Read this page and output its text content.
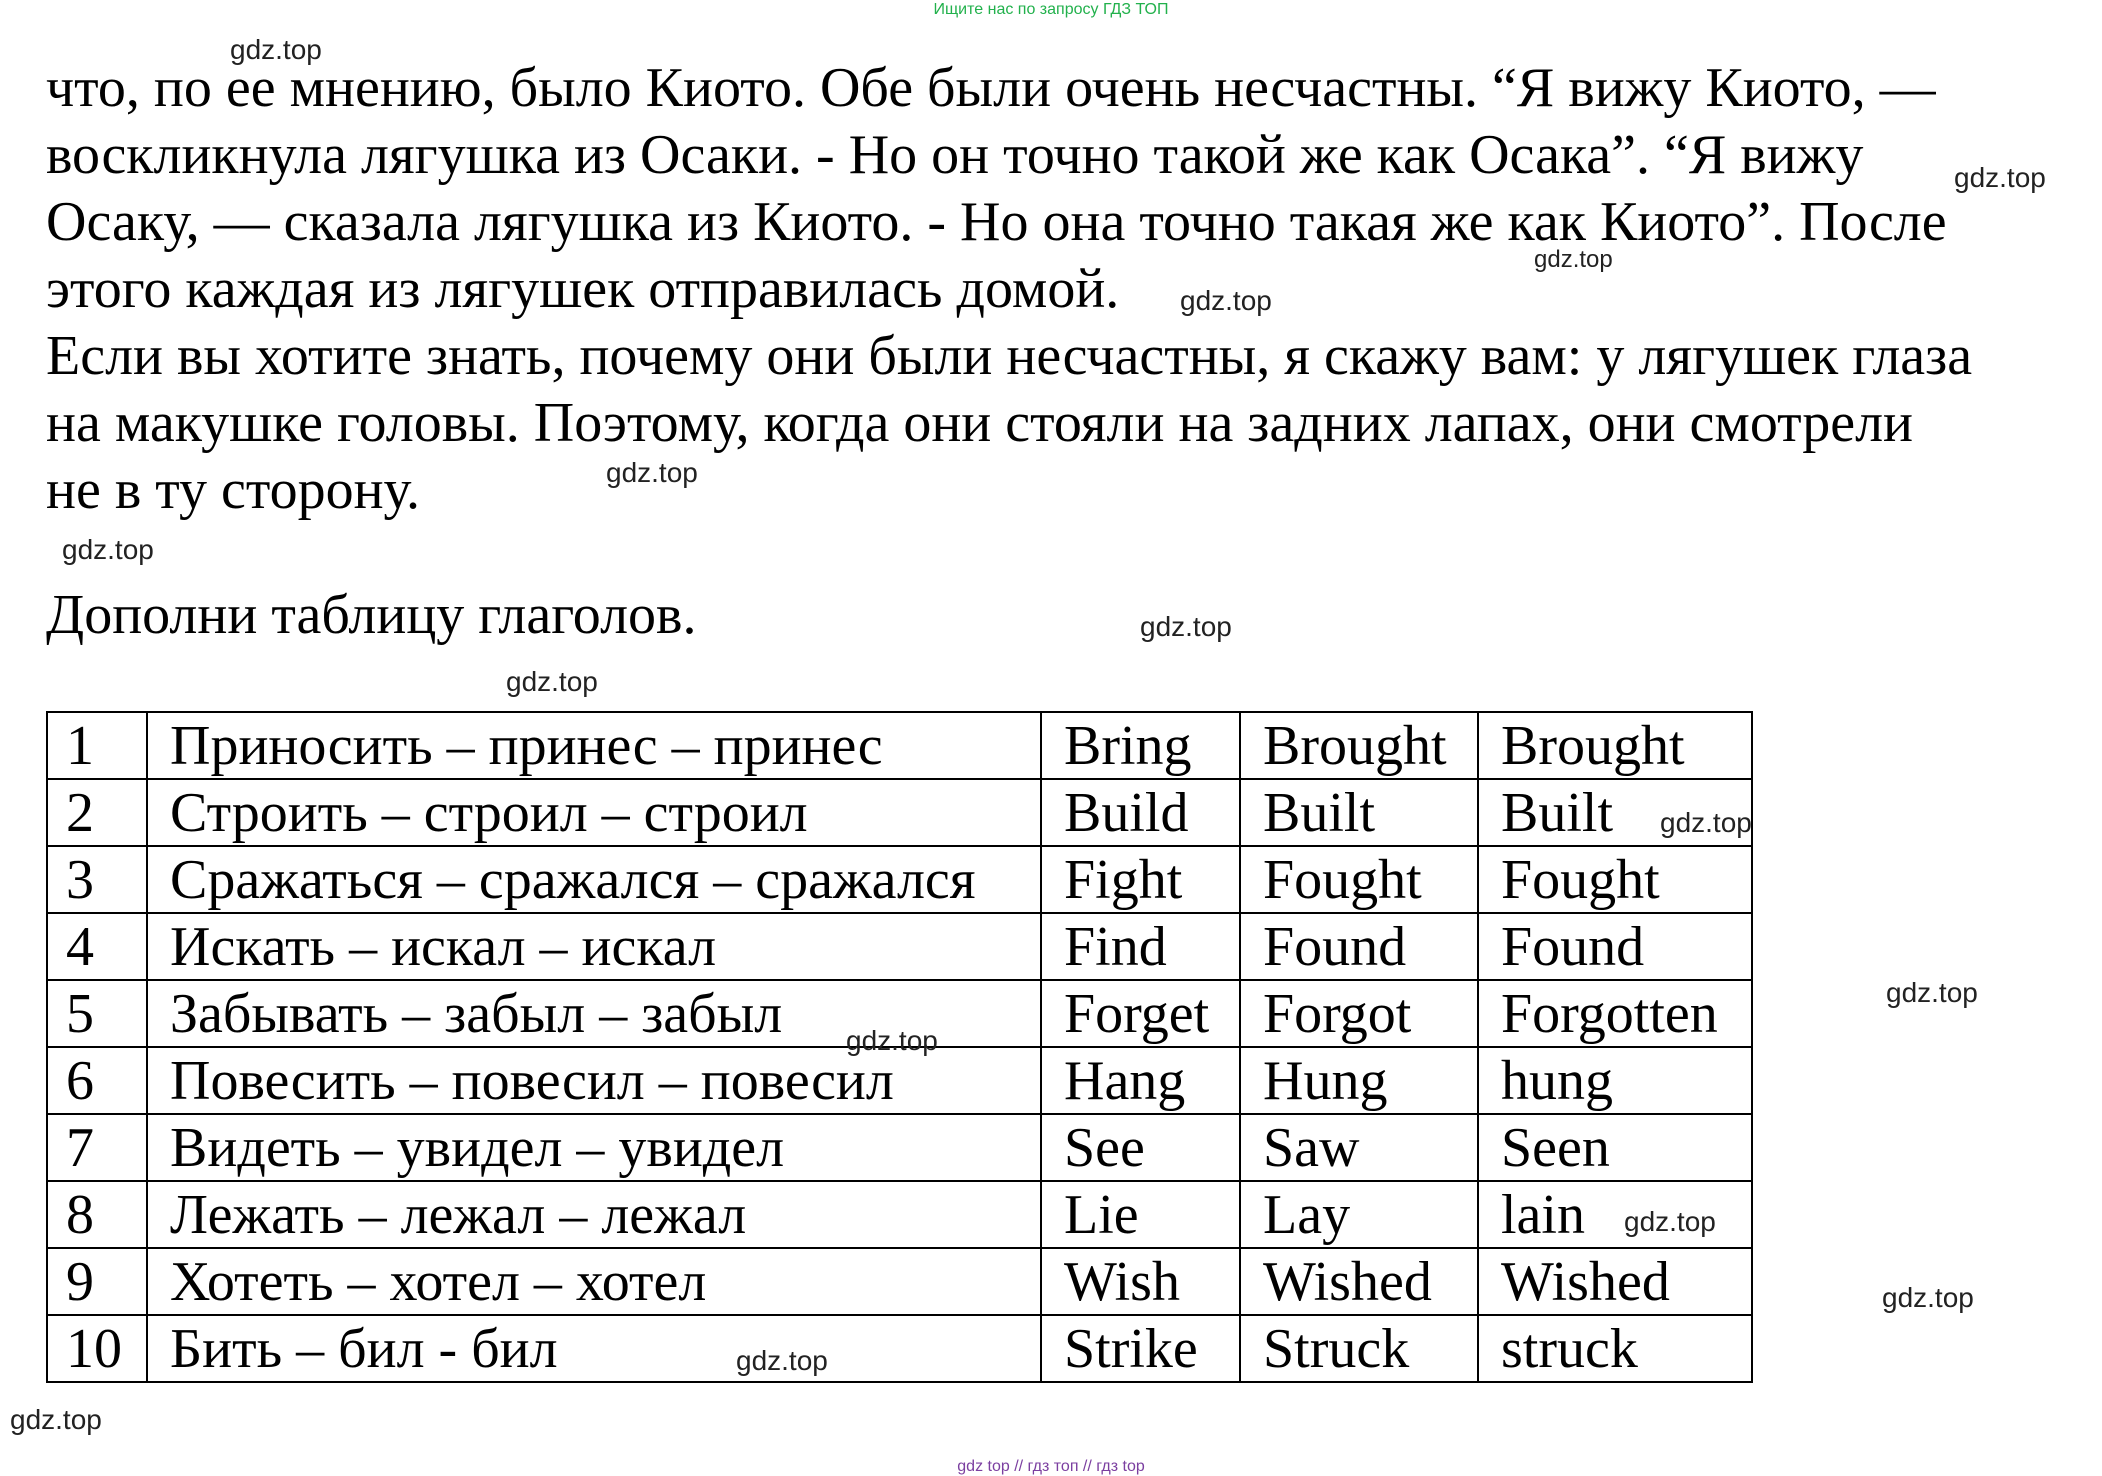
Ищите нас по запросу ГДЗ ТОП

что, по ее мнению, было Киото. Обе были очень несчастны. “Я вижу Киото, —

воскликнула лягушка из Осаки. - Но он точно такой же как Осака”. “Я вижу

Осаку, — сказала лягушка из Киото. - Но она точно такая же как Киото”. После

этого каждая из лягушек отправилась домой.

Если вы хотите знать, почему они были несчастны, я скажу вам: у лягушек глаза

на макушке головы. Поэтому, когда они стояли на задних лапах, они смотрели

не в ту сторону.

Дополни таблицу глаголов.

1	Приносить – принес – принес	Bring	Brought	Brought
2	Строить – строил – строил	Build	Built	Built
3	Сражаться – сражался – сражался	Fight	Fought	Fought
4	Искать – искал – искал	Find	Found	Found
5	Забывать – забыл – забыл	Forget	Forgot	Forgotten
6	Повесить – повесил – повесил	Hang	Hung	hung
7	Видеть – увидел – увидел	See	Saw	Seen
8	Лежать – лежал – лежал	Lie	Lay	lain
9	Хотеть – хотел – хотел	Wish	Wished	Wished
10	Бить – бил - бил	Strike	Struck	struck
gdz.top
gdz.top
gdz.top
gdz.top
gdz.top
gdz.top
gdz.top
gdz.top
gdz.top
gdz.top
gdz.top
gdz.top
gdz.top
gdz.top
gdz.top
gdz top // гдз топ // гдз top
